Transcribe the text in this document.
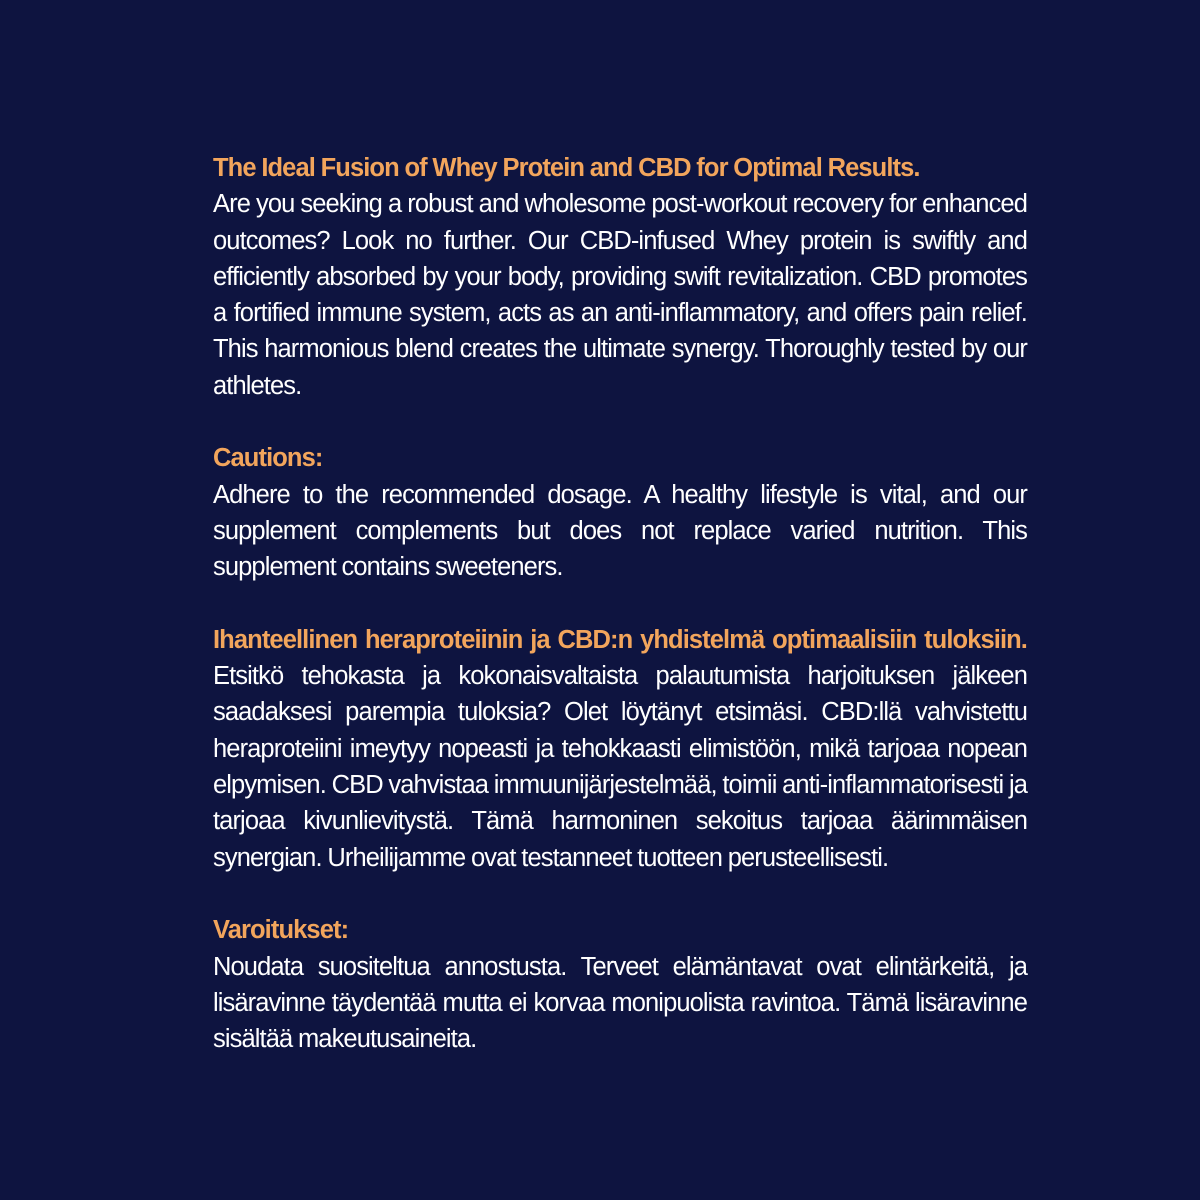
The Ideal Fusion of Whey Protein and CBD for Optimal Results.

Are you seeking a robust and wholesome post-workout recovery for enhanced outcomes? Look no further. Our CBD-infused Whey protein is swiftly and efficiently absorbed by your body, providing swift revitalization. CBD promotes a fortified immune system, acts as an anti-inflammatory, and offers pain relief. This harmonious blend creates the ultimate synergy. Thoroughly tested by our athletes.

Cautions:

Adhere to the recommended dosage. A healthy lifestyle is vital, and our supplement complements but does not replace varied nutrition. This supplement contains sweeteners.

Ihanteellinen heraproteiinin ja CBD:n yhdistelmä optimaalisiin tuloksiin.

Etsitkö tehokasta ja kokonaisvaltaista palautumista harjoituksen jälkeen saadaksesi parempia tuloksia? Olet löytänyt etsimäsi. CBD:llä vahvistettu heraproteiini imeytyy nopeasti ja tehokkaasti elimistöön, mikä tarjoaa nopean elpymisen. CBD vahvistaa immuunijärjestelmää, toimii anti-inflammatorisesti ja tarjoaa kivunlievitystä. Tämä harmoninen sekoitus tarjoaa äärimmäisen synergian. Urheilijamme ovat testanneet tuotteen perusteellisesti.

Varoitukset:

Noudata suositeltua annostusta. Terveet elämäntavat ovat elintärkeitä, ja lisäravinne täydentää mutta ei korvaa monipuolista ravintoa. Tämä lisäravinne sisältää makeutusaineita.
